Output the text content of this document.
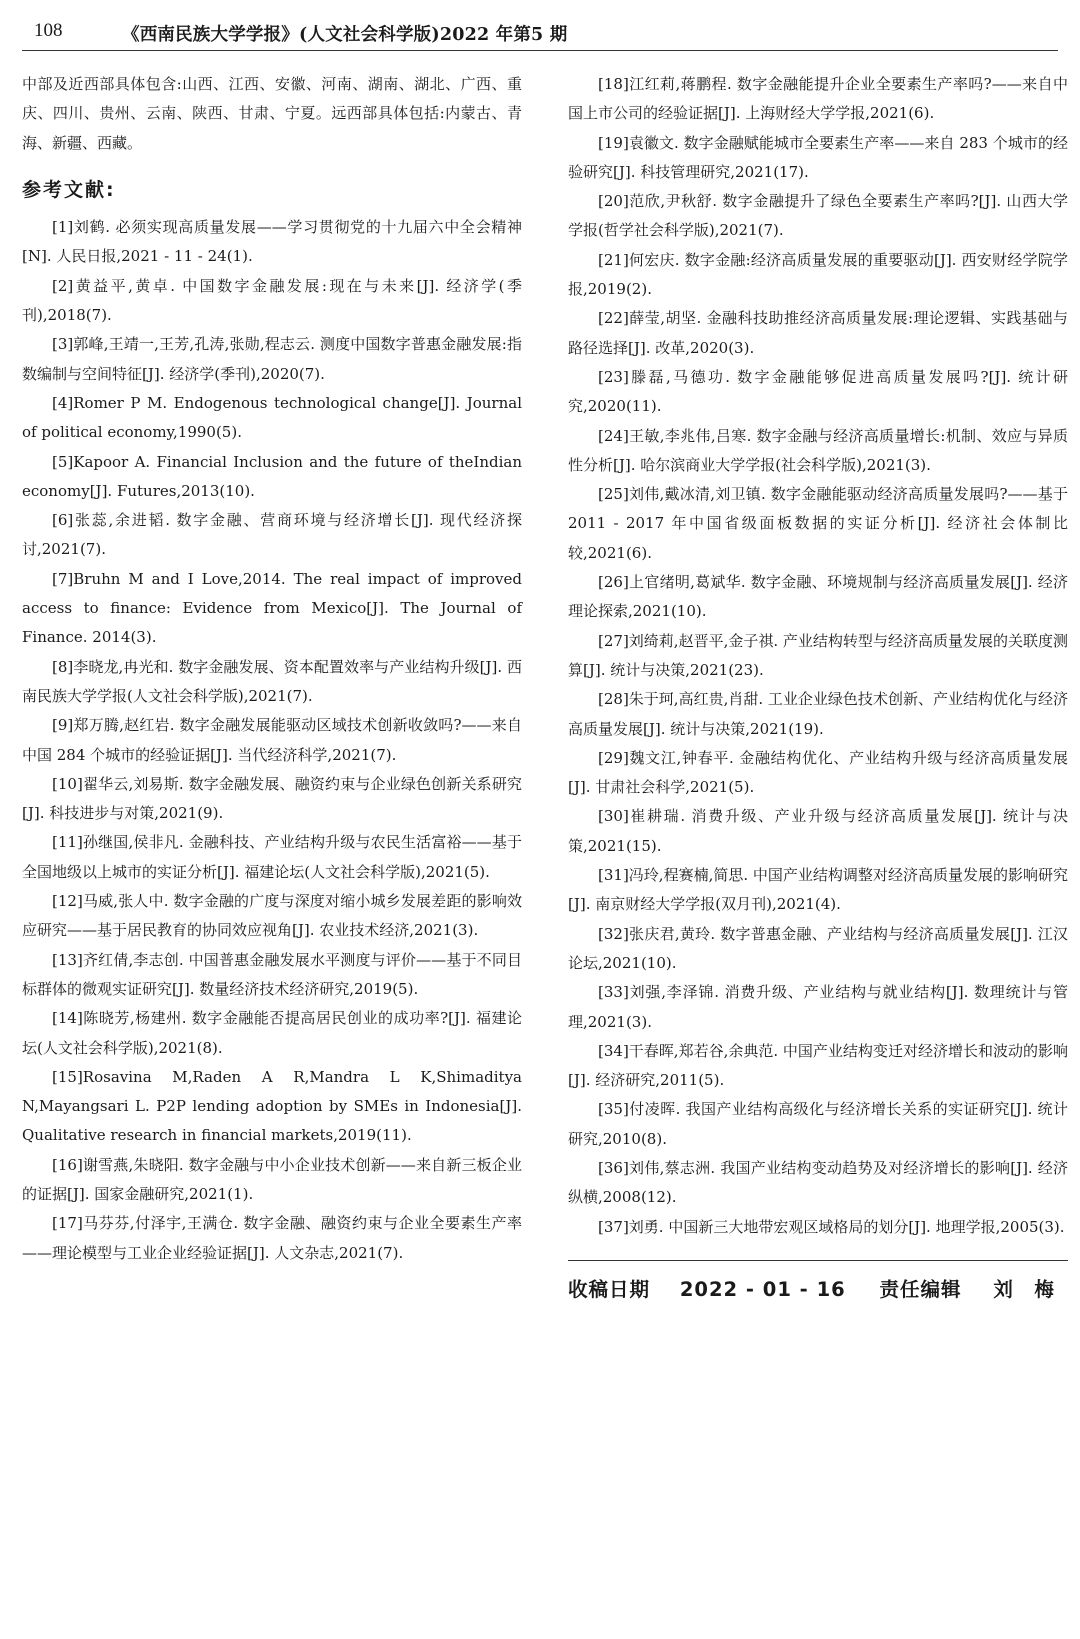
108	《西南民族大学学报》(人文社会科学版)2022 年第5 期
中部及近西部具体包含:山西、江西、安徽、河南、湖南、湖北、广西、重庆、四川、贵州、云南、陕西、甘肃、宁夏。远西部具体包括:内蒙古、青海、新疆、西藏。
参考文献:

[1]刘鹤. 必须实现高质量发展——学习贯彻党的十九届六中全会精神[N]. 人民日报,2021 - 11 - 24(1).

[2]黄益平,黄卓. 中国数字金融发展:现在与未来[J]. 经济学(季刊),2018(7).

[3]郭峰,王靖一,王芳,孔涛,张勋,程志云. 测度中国数字普惠金融发展:指数编制与空间特征[J]. 经济学(季刊),2020(7).

[4]Romer P M. Endogenous technological change[J]. Journal of political economy,1990(5).

[5]Kapoor A. Financial Inclusion and the future of theIndian economy[J]. Futures,2013(10).

[6]张蕊,余进韬. 数字金融、营商环境与经济增长[J]. 现代经济探讨,2021(7).

[7]Bruhn M and I Love,2014. The real impact of improved access to finance: Evidence from Mexico[J]. The Journal of Finance. 2014(3).

[8]李晓龙,冉光和. 数字金融发展、资本配置效率与产业结构升级[J]. 西南民族大学学报(人文社会科学版),2021(7).

[9]郑万腾,赵红岩. 数字金融发展能驱动区域技术创新收敛吗?——来自中国 284 个城市的经验证据[J]. 当代经济科学,2021(7).

[10]翟华云,刘易斯. 数字金融发展、融资约束与企业绿色创新关系研究[J]. 科技进步与对策,2021(9).

[11]孙继国,侯非凡. 金融科技、产业结构升级与农民生活富裕——基于全国地级以上城市的实证分析[J]. 福建论坛(人文社会科学版),2021(5).

[12]马威,张人中. 数字金融的广度与深度对缩小城乡发展差距的影响效应研究——基于居民教育的协同效应视角[J]. 农业技术经济,2021(3).

[13]齐红倩,李志创. 中国普惠金融发展水平测度与评价——基于不同目标群体的微观实证研究[J]. 数量经济技术经济研究,2019(5).

[14]陈晓芳,杨建州. 数字金融能否提高居民创业的成功率?[J]. 福建论坛(人文社会科学版),2021(8).

[15]Rosavina M,Raden A R,Mandra L K,Shimaditya N,Mayangsari L. P2P lending adoption by SMEs in Indonesia[J]. Qualitative research in financial markets,2019(11).

[16]谢雪燕,朱晓阳. 数字金融与中小企业技术创新——来自新三板企业的证据[J]. 国家金融研究,2021(1).

[17]马芬芬,付泽宇,王满仓. 数字金融、融资约束与企业全要素生产率——理论模型与工业企业经验证据[J]. 人文杂志,2021(7).

[18]江红莉,蒋鹏程. 数字金融能提升企业全要素生产率吗?——来自中国上市公司的经验证据[J]. 上海财经大学学报,2021(6).

[19]袁徽文. 数字金融赋能城市全要素生产率——来自 283 个城市的经验研究[J]. 科技管理研究,2021(17).

[20]范欣,尹秋舒. 数字金融提升了绿色全要素生产率吗?[J]. 山西大学学报(哲学社会科学版),2021(7).

[21]何宏庆. 数字金融:经济高质量发展的重要驱动[J]. 西安财经学院学报,2019(2).

[22]薛莹,胡坚. 金融科技助推经济高质量发展:理论逻辑、实践基础与路径选择[J]. 改革,2020(3).

[23]滕磊,马德功. 数字金融能够促进高质量发展吗?[J]. 统计研究,2020(11).

[24]王敏,李兆伟,吕寒. 数字金融与经济高质量增长:机制、效应与异质性分析[J]. 哈尔滨商业大学学报(社会科学版),2021(3).

[25]刘伟,戴冰清,刘卫镇. 数字金融能驱动经济高质量发展吗?——基于 2011 - 2017 年中国省级面板数据的实证分析[J]. 经济社会体制比较,2021(6).

[26]上官绪明,葛斌华. 数字金融、环境规制与经济高质量发展[J]. 经济理论探索,2021(10).

[27]刘绮莉,赵晋平,金子祺. 产业结构转型与经济高质量发展的关联度测算[J]. 统计与决策,2021(23).

[28]朱于珂,高红贵,肖甜. 工业企业绿色技术创新、产业结构优化与经济高质量发展[J]. 统计与决策,2021(19).

[29]魏文江,钟春平. 金融结构优化、产业结构升级与经济高质量发展[J]. 甘肃社会科学,2021(5).

[30]崔耕瑞. 消费升级、产业升级与经济高质量发展[J]. 统计与决策,2021(15).

[31]冯玲,程赛楠,简思. 中国产业结构调整对经济高质量发展的影响研究[J]. 南京财经大学学报(双月刊),2021(4).

[32]张庆君,黄玲. 数字普惠金融、产业结构与经济高质量发展[J]. 江汉论坛,2021(10).

[33]刘强,李泽锦. 消费升级、产业结构与就业结构[J]. 数理统计与管理,2021(3).

[34]干春晖,郑若谷,余典范. 中国产业结构变迁对经济增长和波动的影响[J]. 经济研究,2011(5).

[35]付凌晖. 我国产业结构高级化与经济增长关系的实证研究[J]. 统计研究,2010(8).

[36]刘伟,蔡志洲. 我国产业结构变动趋势及对经济增长的影响[J]. 经济纵横,2008(12).

[37]刘勇. 中国新三大地带宏观区域格局的划分[J]. 地理学报,2005(3).

收稿日期 2022 - 01 - 16 责任编辑 刘　梅
